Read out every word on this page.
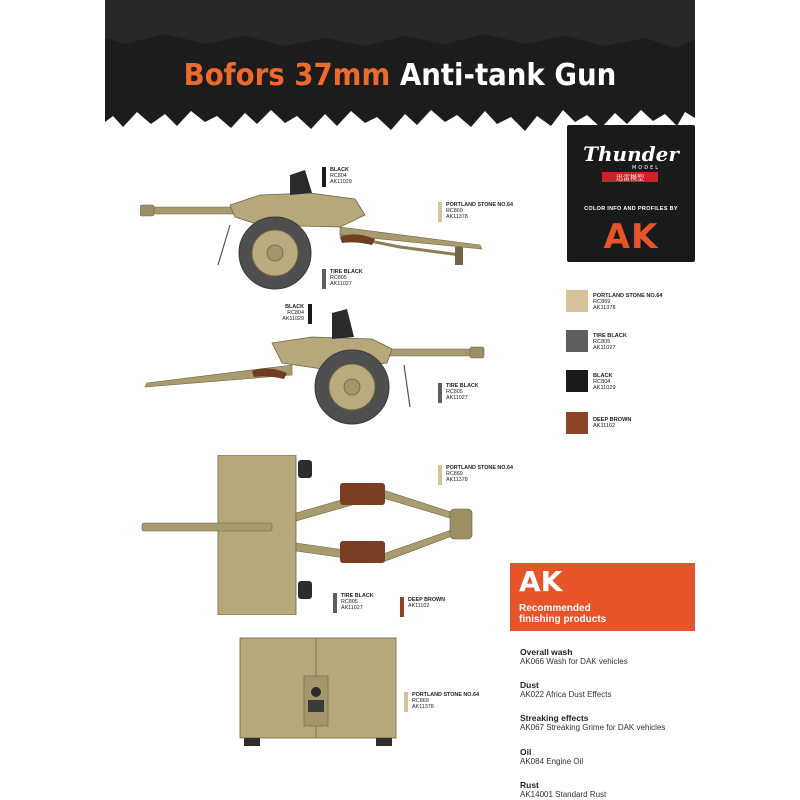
Bofors 37mm Anti-tank Gun
Thunder
MODEL
迅雷模型
COLOR INFO AND PROFILES BY
AK
BLACK
RC804
AK11029
PORTLAND STONE NO.64
RC869
AK11378
TIRE BLACK
RC805
AK11027
BLACK
RC804
AK11029
TIRE BLACK
RC805
AK11027
PORTLAND STONE NO.64
RC869
AK11378
TIRE BLACK
RC805
AK11027
DEEP BROWN
AK11102
PORTLAND STONE NO.64
RC869
AK11378
PORTLAND STONE NO.64
RC869
AK11378
TIRE BLACK
RC805
AK11027
BLACK
RC804
AK11029
DEEP BROWN
AK11102
AK
Recommended
finishing products
Overall wash
AK066 Wash for DAK vehicles
Dust
AK022 Africa Dust Effects
Streaking effects
AK067 Streaking Grime for DAK vehicles
Oil
AK084 Engine Oil
Rust
AK14001 Standard Rust
